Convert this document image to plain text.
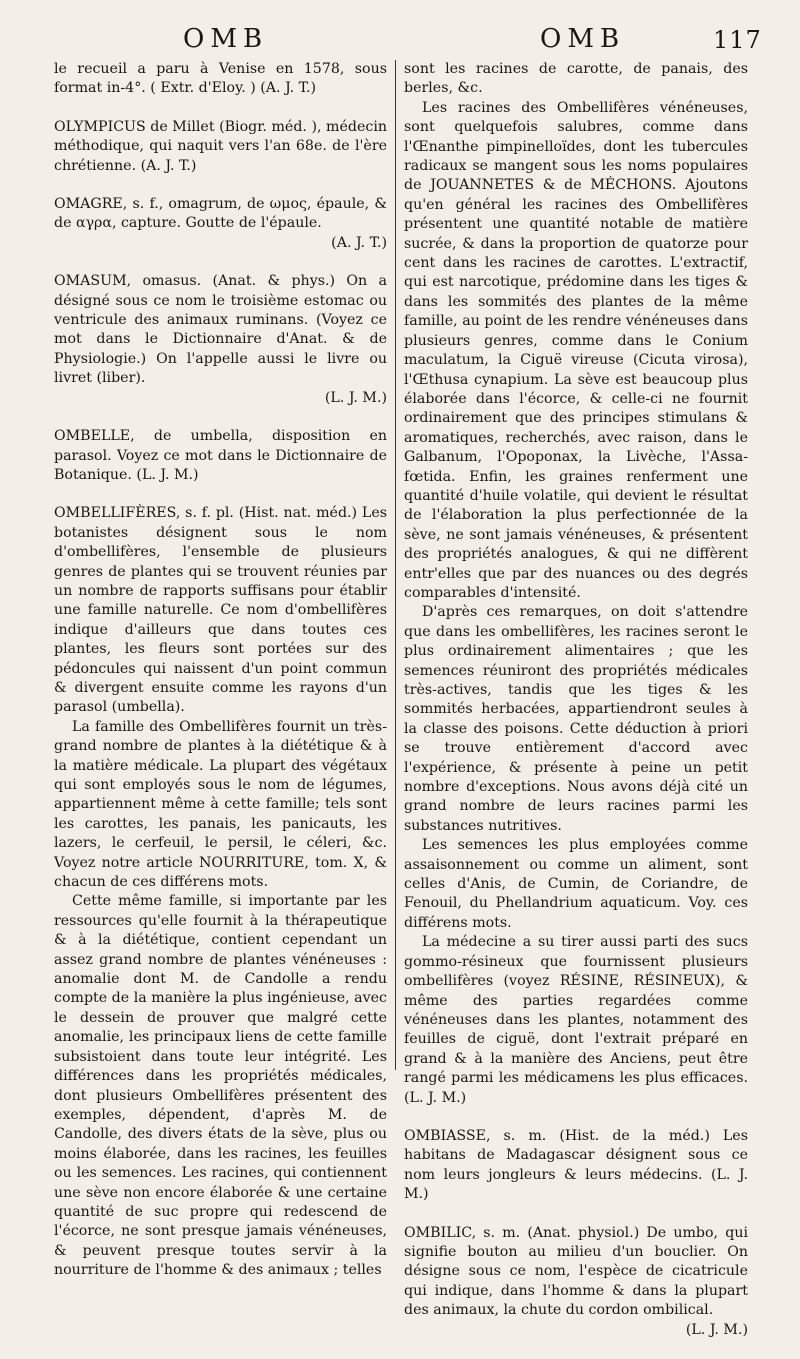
OMB	OMB	117

le recueil a paru à Venise en 1578, sous format in-4°. ( Extr. d'Eloy. ) (A. J. T.)

OLYMPICUS de Millet (Biogr. méd. ), médecin méthodique, qui naquit vers l'an 68e. de l'ère chrétienne. (A. J. T.)

OMAGRE, s. f., omagrum, de ωμος, épaule, & de αγρα, capture. Goutte de l'épaule.

(A. J. T.)

OMASUM, omasus. (Anat. & phys.) On a désigné sous ce nom le troisième estomac ou ventricule des animaux ruminans. (Voyez ce mot dans le Dictionnaire d'Anat. & de Physiologie.) On l'appelle aussi le livre ou livret (liber).

(L. J. M.)

OMBELLE, de umbella, disposition en parasol. Voyez ce mot dans le Dictionnaire de Botanique. (L. J. M.)

OMBELLIFÈRES, s. f. pl. (Hist. nat. méd.) Les botanistes désignent sous le nom d'ombellifères, l'ensemble de plusieurs genres de plantes qui se trouvent réunies par un nombre de rapports suffisans pour établir une famille naturelle. Ce nom d'ombellifères indique d'ailleurs que dans toutes ces plantes, les fleurs sont portées sur des pédoncules qui naissent d'un point commun & divergent ensuite comme les rayons d'un parasol (umbella).

La famille des Ombellifères fournit un très-grand nombre de plantes à la diététique & à la matière médicale. La plupart des végétaux qui sont employés sous le nom de légumes, appartiennent même à cette famille; tels sont les carottes, les panais, les panicauts, les lazers, le cerfeuil, le persil, le céleri, &c. Voyez notre article NOURRITURE, tom. X, & chacun de ces différens mots.

Cette même famille, si importante par les ressources qu'elle fournit à la thérapeutique & à la diététique, contient cependant un assez grand nombre de plantes vénéneuses : anomalie dont M. de Candolle a rendu compte de la manière la plus ingénieuse, avec le dessein de prouver que malgré cette anomalie, les principaux liens de cette famille subsistoient dans toute leur intégrité. Les différences dans les propriétés médicales, dont plusieurs Ombellifères présentent des exemples, dépendent, d'après M. de Candolle, des divers états de la sève, plus ou moins élaborée, dans les racines, les feuilles ou les semences. Les racines, qui contiennent une sève non encore élaborée & une certaine quantité de suc propre qui redescend de l'écorce, ne sont presque jamais vénéneuses, & peuvent presque toutes servir à la nourriture de l'homme & des animaux ; telles

sont les racines de carotte, de panais, des berles, &c.

Les racines des Ombellifères vénéneuses, sont quelquefois salubres, comme dans l'Œnanthe pimpinelloïdes, dont les tubercules radicaux se mangent sous les noms populaires de JOUANNETES & de MÉCHONS. Ajoutons qu'en général les racines des Ombellifères présentent une quantité notable de matière sucrée, & dans la proportion de quatorze pour cent dans les racines de carottes. L'extractif, qui est narcotique, prédomine dans les tiges & dans les sommités des plantes de la même famille, au point de les rendre vénéneuses dans plusieurs genres, comme dans le Conium maculatum, la Ciguë vireuse (Cicuta virosa), l'Œthusa cynapium. La sève est beaucoup plus élaborée dans l'écorce, & celle-ci ne fournit ordinairement que des principes stimulans & aromatiques, recherchés, avec raison, dans le Galbanum, l'Opoponax, la Livèche, l'Assa-fœtida. Enfin, les graines renferment une quantité d'huile volatile, qui devient le résultat de l'élaboration la plus perfectionnée de la sève, ne sont jamais vénéneuses, & présentent des propriétés analogues, & qui ne diffèrent entr'elles que par des nuances ou des degrés comparables d'intensité.

D'après ces remarques, on doit s'attendre que dans les ombellifères, les racines seront le plus ordinairement alimentaires ; que les semences réuniront des propriétés médicales très-actives, tandis que les tiges & les sommités herbacées, appartiendront seules à la classe des poisons. Cette déduction à priori se trouve entièrement d'accord avec l'expérience, & présente à peine un petit nombre d'exceptions. Nous avons déjà cité un grand nombre de leurs racines parmi les substances nutritives.

Les semences les plus employées comme assaisonnement ou comme un aliment, sont celles d'Anis, de Cumin, de Coriandre, de Fenouil, du Phellandrium aquaticum. Voy. ces différens mots.

La médecine a su tirer aussi parti des sucs gommo-résineux que fournissent plusieurs ombellifères (voyez RÉSINE, RÉSINEUX), & même des parties regardées comme vénéneuses dans les plantes, notamment des feuilles de ciguë, dont l'extrait préparé en grand & à la manière des Anciens, peut être rangé parmi les médicamens les plus efficaces. (L. J. M.)

OMBIASSE, s. m. (Hist. de la méd.) Les habitans de Madagascar désignent sous ce nom leurs jongleurs & leurs médecins. (L. J. M.)

OMBILIC, s. m. (Anat. physiol.) De umbo, qui signifie bouton au milieu d'un bouclier. On désigne sous ce nom, l'espèce de cicatricule qui indique, dans l'homme & dans la plupart des animaux, la chute du cordon ombilical.

(L. J. M.)
